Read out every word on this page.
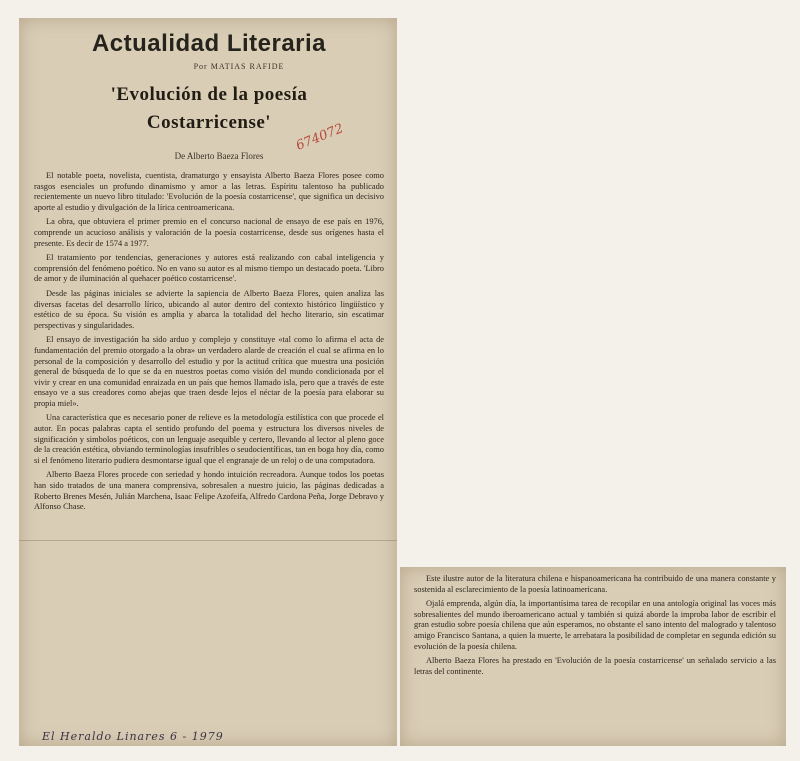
Actualidad Literaria
Por MATIAS RAFIDE
'Evolución de la poesía
Costarricense'
De Alberto Baeza Flores

El notable poeta, novelista, cuentista, dramaturgo y ensayista Alberto Baeza Flores posee como rasgos esenciales un profundo dinamismo y amor a las letras. Espíritu talentoso ha publicado recientemente un nuevo libro titulado: 'Evolución de la poesía costarricense', que significa un decisivo aporte al estudio y divulgación de la lírica centroamericana.

La obra, que obtuviera el primer premio en el concurso nacional de ensayo de ese país en 1976, comprende un acucioso análisis y valoración de la poesía costarricense, desde sus orígenes hasta el presente. Es decir de 1574 a 1977.

El tratamiento por tendencias, generaciones y autores está realizando con cabal inteligencia y comprensión del fenómeno poético. No en vano su autor es al mismo tiempo un destacado poeta. 'Libro de amor y de iluminación al quehacer poético costarricense'.

Desde las páginas iniciales se advierte la sapiencia de Alberto Baeza Flores, quien analiza las diversas facetas del desarrollo lírico, ubicando al autor dentro del contexto histórico lingüístico y estético de su época. Su visión es amplia y abarca la totalidad del hecho literario, sin escatimar perspectivas y singularidades.

El ensayo de investigación ha sido arduo y complejo y constituye «tal como lo afirma el acta de fundamentación del premio otorgado a la obra» un verdadero alarde de creación el cual se afirma en lo personal de la composición y desarrollo del estudio y por la actitud crítica que muestra una posición general de búsqueda de lo que se da en nuestros poetas como visión del mundo condicionada por el vivir y crear en una comunidad enraizada en un país que hemos llamado isla, pero que a través de este ensayo ve a sus creadores como abejas que traen desde lejos el néctar de la poesía para elaborar su propia miel».

Una característica que es necesario poner de relieve es la metodología estilística con que procede el autor. En pocas palabras capta el sentido profundo del poema y estructura los diversos niveles de significación y simbolos poéticos, con un lenguaje asequible y certero, llevando al lector al pleno goce de la creación estética, obviando terminologías insufribles o seudocientíficas, tan en boga hoy día, como si el fenómeno literario pudiera desmontarse igual que el engranaje de un reloj o de una computadora.

Alberto Baeza Flores procede con seriedad y hondo intuición recreadora. Aunque todos los poetas han sido tratados de una manera comprensiva, sobresalen a nuestro juicio, las páginas dedicadas a Roberto Brenes Mesén, Julián Marchena, Isaac Felipe Azofeifa, Alfredo Cardona Peña, Jorge Debravo y Alfonso Chase.

Este ilustre autor de la literatura chilena e hispanoamericana ha contribuido de una manera constante y sostenida al esclarecimiento de la poesía latinoamericana.

Ojalá emprenda, algún día, la importantísima tarea de recopilar en una antología original las voces más sobresalientes del mundo iberoamericano actual y también si quizá aborde la improba labor de escribir el gran estudio sobre poesía chilena que aún esperamos, no obstante el sano intento del malogrado y talentoso amigo Francisco Santana, a quien la muerte, le arrebatara la posibilidad de completar en segunda edición su evolución de la poesía chilena.

Alberto Baeza Flores ha prestado en 'Evolución de la poesía costarricense' un señalado servicio a las letras del continente.

674072
El Heraldo Linares 6 - 1979
